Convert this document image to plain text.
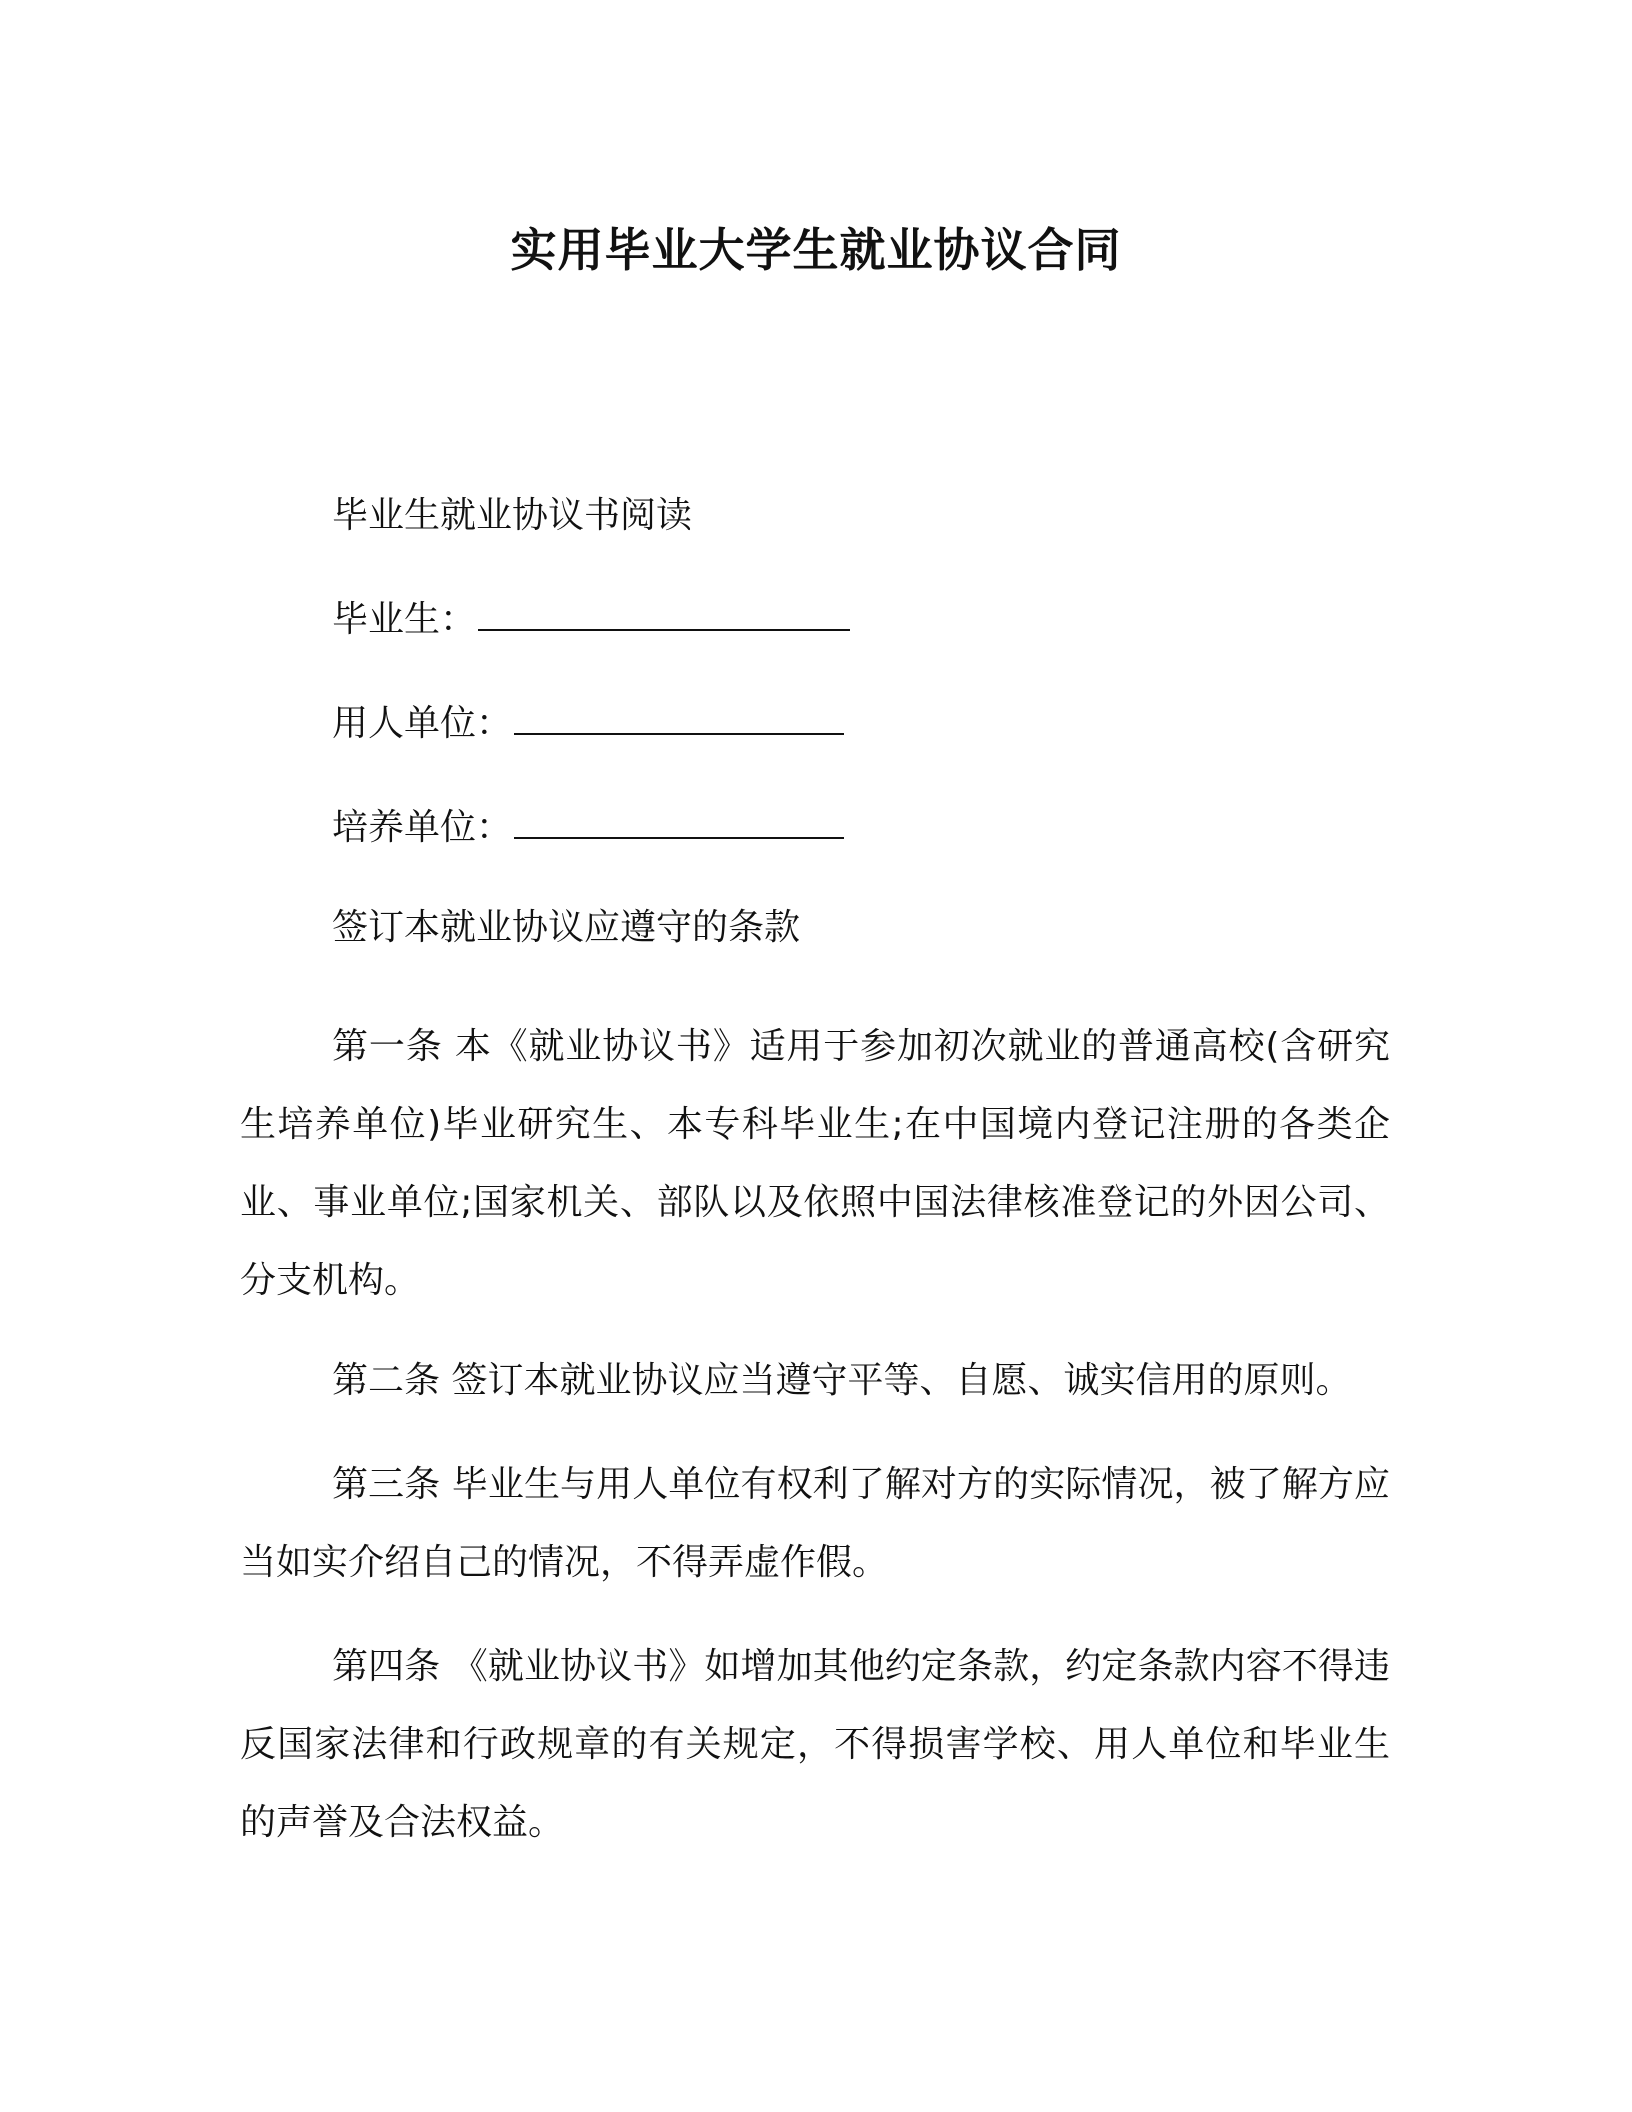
实用毕业大学生就业协议合同
毕业生就业协议书阅读
毕业生：
用人单位：
培养单位：
签订本就业协议应遵守的条款
第一条 本《就业协议书》适用于参加初次就业的普通高校(含研究生培养单位)毕业研究生、本专科毕业生;在中国境内登记注册的各类企业、事业单位;国家机关、部队以及依照中国法律核准登记的外因公司、分支机构。
第二条 签订本就业协议应当遵守平等、自愿、诚实信用的原则。
第三条 毕业生与用人单位有权利了解对方的实际情况，被了解方应当如实介绍自己的情况，不得弄虚作假。
第四条 《就业协议书》如增加其他约定条款，约定条款内容不得违反国家法律和行政规章的有关规定，不得损害学校、用人单位和毕业生的声誉及合法权益。
